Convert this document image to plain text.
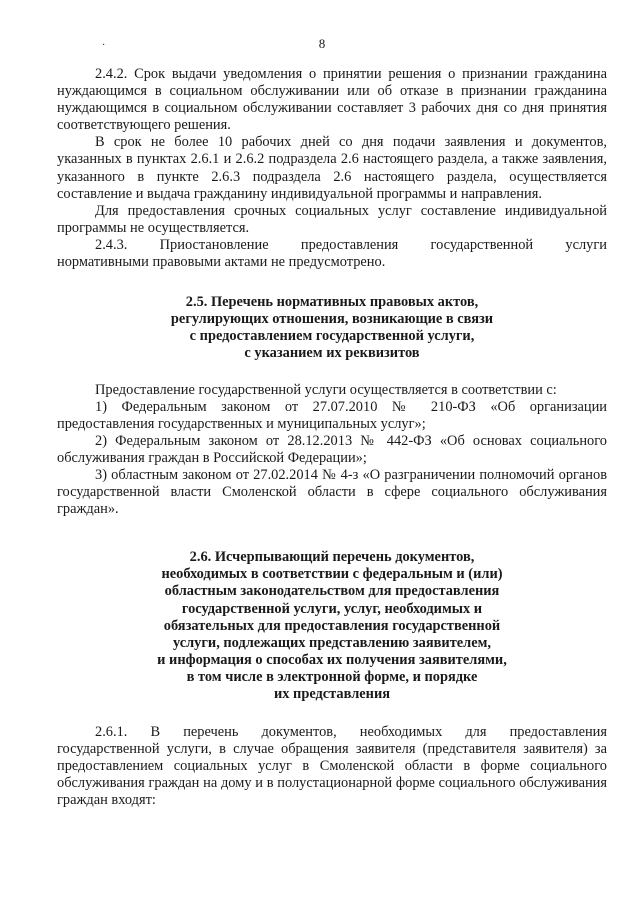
·	8

2.4.2. Срок выдачи уведомления о принятии решения о признании гражданина нуждающимся в социальном обслуживании или об отказе в признании гражданина нуждающимся в социальном обслуживании составляет 3 рабочих дня со дня принятия соответствующего решения.

В срок не более 10 рабочих дней со дня подачи заявления и документов, указанных в пунктах 2.6.1 и 2.6.2 подраздела 2.6 настоящего раздела, а также заявления, указанного в пункте 2.6.3 подраздела 2.6 настоящего раздела, осуществляется составление и выдача гражданину индивидуальной программы и направления.

Для предоставления срочных социальных услуг составление индивидуальной программы не осуществляется.

2.4.3. Приостановление предоставления государственной услуги

нормативными правовыми актами не предусмотрено.

2.5. Перечень нормативных правовых актов,
регулирующих отношения, возникающие в связи
с предоставлением государственной услуги,
с указанием их реквизитов

Предоставление государственной услуги осуществляется в соответствии с:

1) Федеральным законом от 27.07.2010 № 210-ФЗ «Об организации предоставления государственных и муниципальных услуг»;

2) Федеральным законом от 28.12.2013 № 442-ФЗ «Об основах социального обслуживания граждан в Российской Федерации»;

3) областным законом от 27.02.2014 № 4-з «О разграничении полномочий органов государственной власти Смоленской области в сфере социального обслуживания граждан».

2.6. Исчерпывающий перечень документов,
необходимых в соответствии с федеральным и (или)
областным законодательством для предоставления
государственной услуги, услуг, необходимых и
обязательных для предоставления государственной
услуги, подлежащих представлению заявителем,
и информация о способах их получения заявителями,
в том числе в электронной форме, и порядке
их представления
2.6.1. В перечень документов, необходимых для предоставления

государственной услуги, в случае обращения заявителя (представителя заявителя) за предоставлением социальных услуг в Смоленской области в форме социального обслуживания граждан на дому и в полустационарной форме социального обслуживания граждан входят:
